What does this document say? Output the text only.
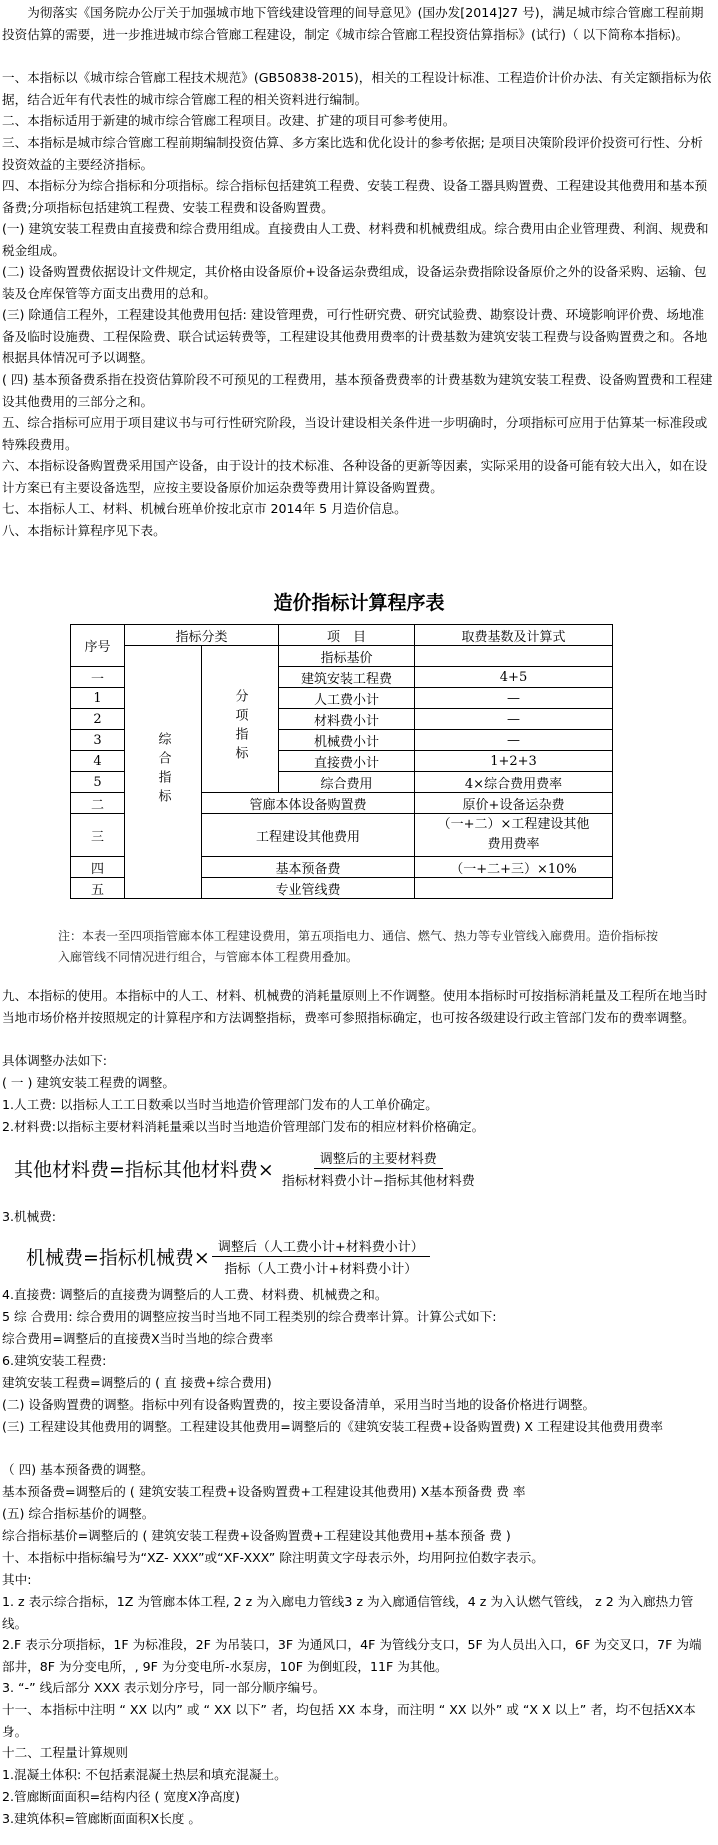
为彻落实《国务院办公厅关于加强城市地下管线建设管理的间导意见》(国办发[2014]27 号)，满足城市综合管廊工程前期投资估算的需要，进一步推进城市综合管廊工程建设，制定《城市综合管廊工程投资估算指标》(试行)（ 以下简称本指标)。

一、本指标以《城市综合管廊工程技术规范》(GB50838-2015)，相关的工程设计标准、工程造价计价办法、有关定额指标为依据，结合近年有代表性的城市综合管廊工程的相关资料进行编制。

二、本指标适用于新建的城市综合管廊工程项目。改建、扩建的项目可参考使用。

三、本指标是城市综合管廊工程前期编制投资估算、多方案比选和优化设计的参考依据; 是项目决策阶段评价投资可行性、分析投资效益的主要经济指标。

四、本指标分为综合指标和分项指标。综合指标包括建筑工程费、安装工程费、设备工器具购置费、工程建设其他费用和基本预备费;分项指标包括建筑工程费、安装工程费和设备购置费。

(一) 建筑安装工程费由直接费和综合费用组成。直接费由人工费、材料费和机械费组成。综合费用由企业管理费、利润、规费和税金组成。

(二) 设备购置费依据设计文件规定，其价格由设备原价+设备运杂费组成，设备运杂费指除设备原价之外的设备采购、运输、包装及仓库保管等方面支出费用的总和。

(三) 除通信工程外，工程建设其他费用包括: 建设管理费，可行性研究费、研究试验费、勘察设计费、环境影响评价费、场地准备及临时设施费、工程保险费、联合试运转费等，工程建设其他费用费率的计费基数为建筑安装工程费与设备购置费之和。各地根据具体情况可予以调整。

( 四) 基本预备费系指在投资估算阶段不可预见的工程费用，基本预备费费率的计费基数为建筑安装工程费、设备购置费和工程建设其他费用的三部分之和。

五、综合指标可应用于项目建议书与可行性研究阶段，当设计建设相关条件进一步明确时，分项指标可应用于估算某一标准段或特殊段费用。

六、本指标设备购置费采用国产设备，由于设计的技术标准、各种设备的更新等因素，实际采用的设备可能有较大出入，如在设计方案已有主要设备选型，应按主要设备原价加运杂费等费用计算设备购置费。

七、本指标人工、材料、机械台班单价按北京市 2014年 5 月造价信息。

八、本指标计算程序见下表。

造价指标计算程序表
序号	指标分类		项　目	取费基数及计算式
	综合指标		指标基价	
一		分项指标	建筑安装工程费	4+5
1			人工费小计	—
2			材料费小计	—
3			机械费小计	—
4			直接费小计	1+2+3
5			综合费用	4×综合费用费率
二		管廊本体设备购置费		原价+设备运杂费
三		工程建设其他费用		（一+二）×工程建设其他费用费率
四		基本预备费		（一+二+三）×10%
五		专业管线费		
注：本表一至四项指管廊本体工程建设费用，第五项指电力、通信、燃气、热力等专业管线入廊费用。造价指标按入廊管线不同情况进行组合，与管廊本体工程费用叠加。

九、本指标的使用。本指标中的人工、材料、机械费的消耗量原则上不作调整。使用本指标时可按指标消耗量及工程所在地当时当地市场价格并按照规定的计算程序和方法调整指标，费率可参照指标确定，也可按各级建设行政主管部门发布的费率调整。

具体调整办法如下:

( 一 ) 建筑安装工程费的调整。

1.人工费: 以指标人工工日数乘以当时当地造价管理部门发布的人工单价确定。

2.材料费:以指标主要材料消耗量乘以当时当地造价管理部门发布的相应材料价格确定。

其他材料费=指标其他材料费× $\frac{\text{调整后的主要材料费}}{\text{指标材料费小计−指标其他材料费}}$

3.机械费:

机械费=指标机械费× $\frac{\text{调整后（人工费小计+材料费小计）}}{\text{指标（人工费小计+材料费小计）}}$

4.直接费: 调整后的直接费为调整后的人工费、材料费、机械费之和。

5 综 合费用: 综合费用的调整应按当时当地不同工程类别的综合费率计算。计算公式如下:

综合费用=调整后的直接费X当时当地的综合费率

6.建筑安装工程费:

建筑安装工程费=调整后的 ( 直 接费+综合费用)

(二) 设备购置费的调整。指标中列有设备购置费的，按主要设备清单，采用当时当地的设备价格进行调整。

(三) 工程建设其他费用的调整。工程建设其他费用=调整后的《建筑安装工程费+设备购置费) X 工程建设其他费用费率

（ 四) 基本预备费的调整。

基本预备费=调整后的 ( 建筑安装工程费+设备购置费+工程建设其他费用) X基本预备费 费 率

(五) 综合指标基价的调整。

综合指标基价=调整后的 ( 建筑安装工程费+设备购置费+工程建设其他费用+基本预备 费 )

十、本指标中指标编号为“XZ- XXX”或“XF-XXX” 除注明黄文字母表示外，均用阿拉伯数字表示。

其中:

1. z 表示综合指标，1Z 为管廊本体工程, 2 z 为入廊电力管线3 z 为入廊通信管线，4 z 为入认燃气管线， z 2 为入廊热力管线。

2.F 表示分项指标，1F 为标准段，2F 为吊装口，3F 为通风口，4F 为管线分支口，5F 为人员出入口，6F 为交叉口，7F 为端部井，8F 为分变电所，, 9F 为分变电所-水泵房，10F 为倒虹段，11F 为其他。

3. “-” 线后部分 XXX 表示划分序号，同一部分顺序编号。

十一、本指标中注明 “ XX 以内” 或 “ XX 以下” 者，均包括 XX 本身，而注明 “ XX 以外” 或 “X X 以上” 者，均不包括XX本身。

十二、工程量计算规则

1.混凝土体积: 不包括素混凝土热层和填充混凝土。

2.管廊断面面积=结构内径 ( 宽度X净高度)

3.建筑体积=管廊断面面积X长度 。
